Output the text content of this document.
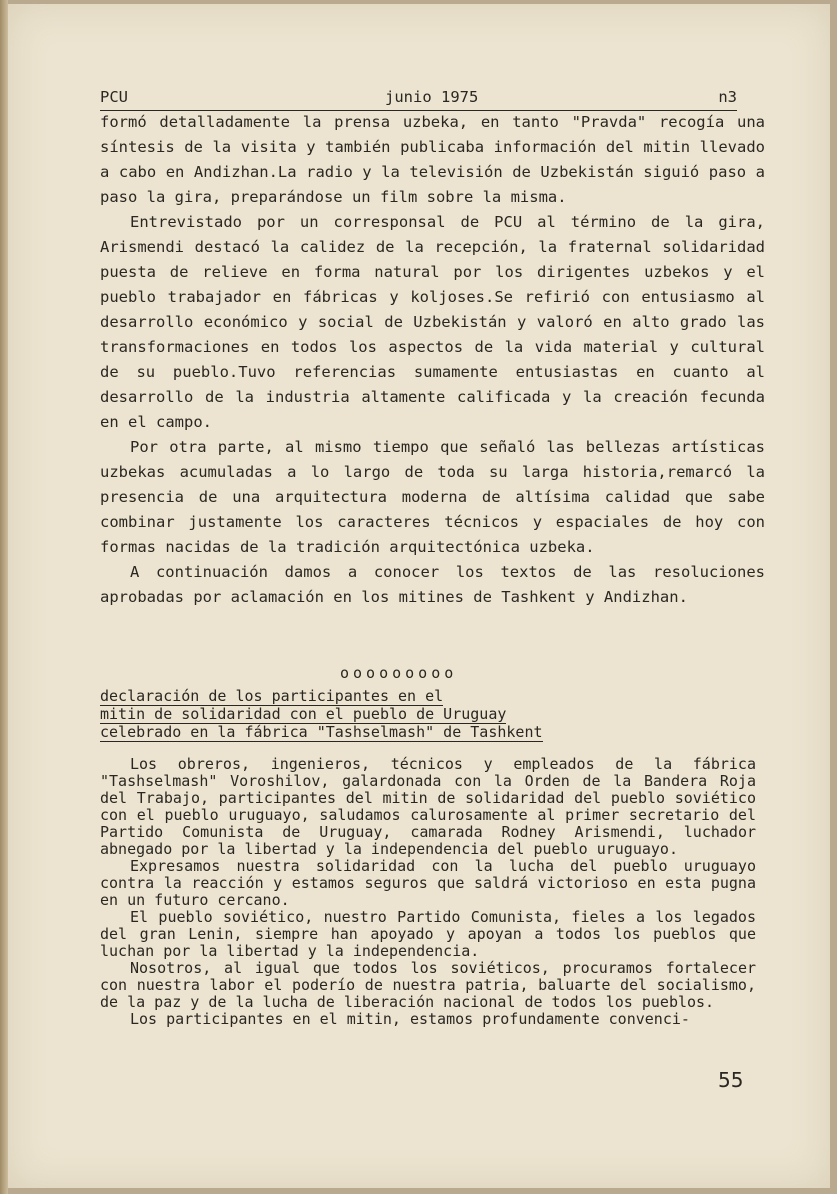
PCU	junio 1975	n3

formó detalladamente la prensa uzbeka, en tanto "Pravda" recogía una síntesis de la visita y también publicaba información del mitin llevado a cabo en Andizhan.La radio y la televisión de Uzbekistán siguió paso a paso la gira, preparándose un film sobre la misma.

Entrevistado por un corresponsal de PCU al término de la gira, Arismendi destacó la calidez de la recepción, la fraternal solidaridad puesta de relieve en forma natural por los dirigentes uzbekos y el pueblo trabajador en fábricas y koljoses.Se refirió con entusiasmo al desarrollo económico y social de Uzbekistán y valoró en alto grado las transformaciones en todos los aspectos de la vida material y cultural de su pueblo.Tuvo referencias sumamente entusiastas en cuanto al desarrollo de la industria altamente calificada y la creación fecunda en el campo.

Por otra parte, al mismo tiempo que señaló las bellezas artísticas uzbekas acumuladas a lo largo de toda su larga historia,remarcó la presencia de una arquitectura moderna de altísima calidad que sabe combinar justamente los caracteres técnicos y espaciales de hoy con formas nacidas de la tradición arquitectónica uzbeka.

A continuación damos a conocer los textos de las resoluciones aprobadas por aclamación en los mitines de Tashkent y Andizhan.

ooooooooo
declaración de los participantes en el
mitin de solidaridad con el pueblo de Uruguay
celebrado en la fábrica "Tashselmash" de Tashkent

Los obreros, ingenieros, técnicos y empleados de la fábrica "Tashselmash" Voroshilov, galardonada con la Orden de la Bandera Roja del Trabajo, participantes del mitin de solidaridad del pueblo soviético con el pueblo uruguayo, saludamos calurosamente al primer secretario del Partido Comunista de Uruguay, camarada Rodney Arismendi, luchador abnegado por la libertad y la independencia del pueblo uruguayo.

Expresamos nuestra solidaridad con la lucha del pueblo uruguayo contra la reacción y estamos seguros que saldrá victorioso en esta pugna en un futuro cercano.

El pueblo soviético, nuestro Partido Comunista, fieles a los legados del gran Lenin, siempre han apoyado y apoyan a todos los pueblos que luchan por la libertad y la independencia.

Nosotros, al igual que todos los soviéticos, procuramos fortalecer con nuestra labor el poderío de nuestra patria, baluarte del socialismo, de la paz y de la lucha de liberación nacional de todos los pueblos.

Los participantes en el mitin, estamos profundamente convenci-

55
